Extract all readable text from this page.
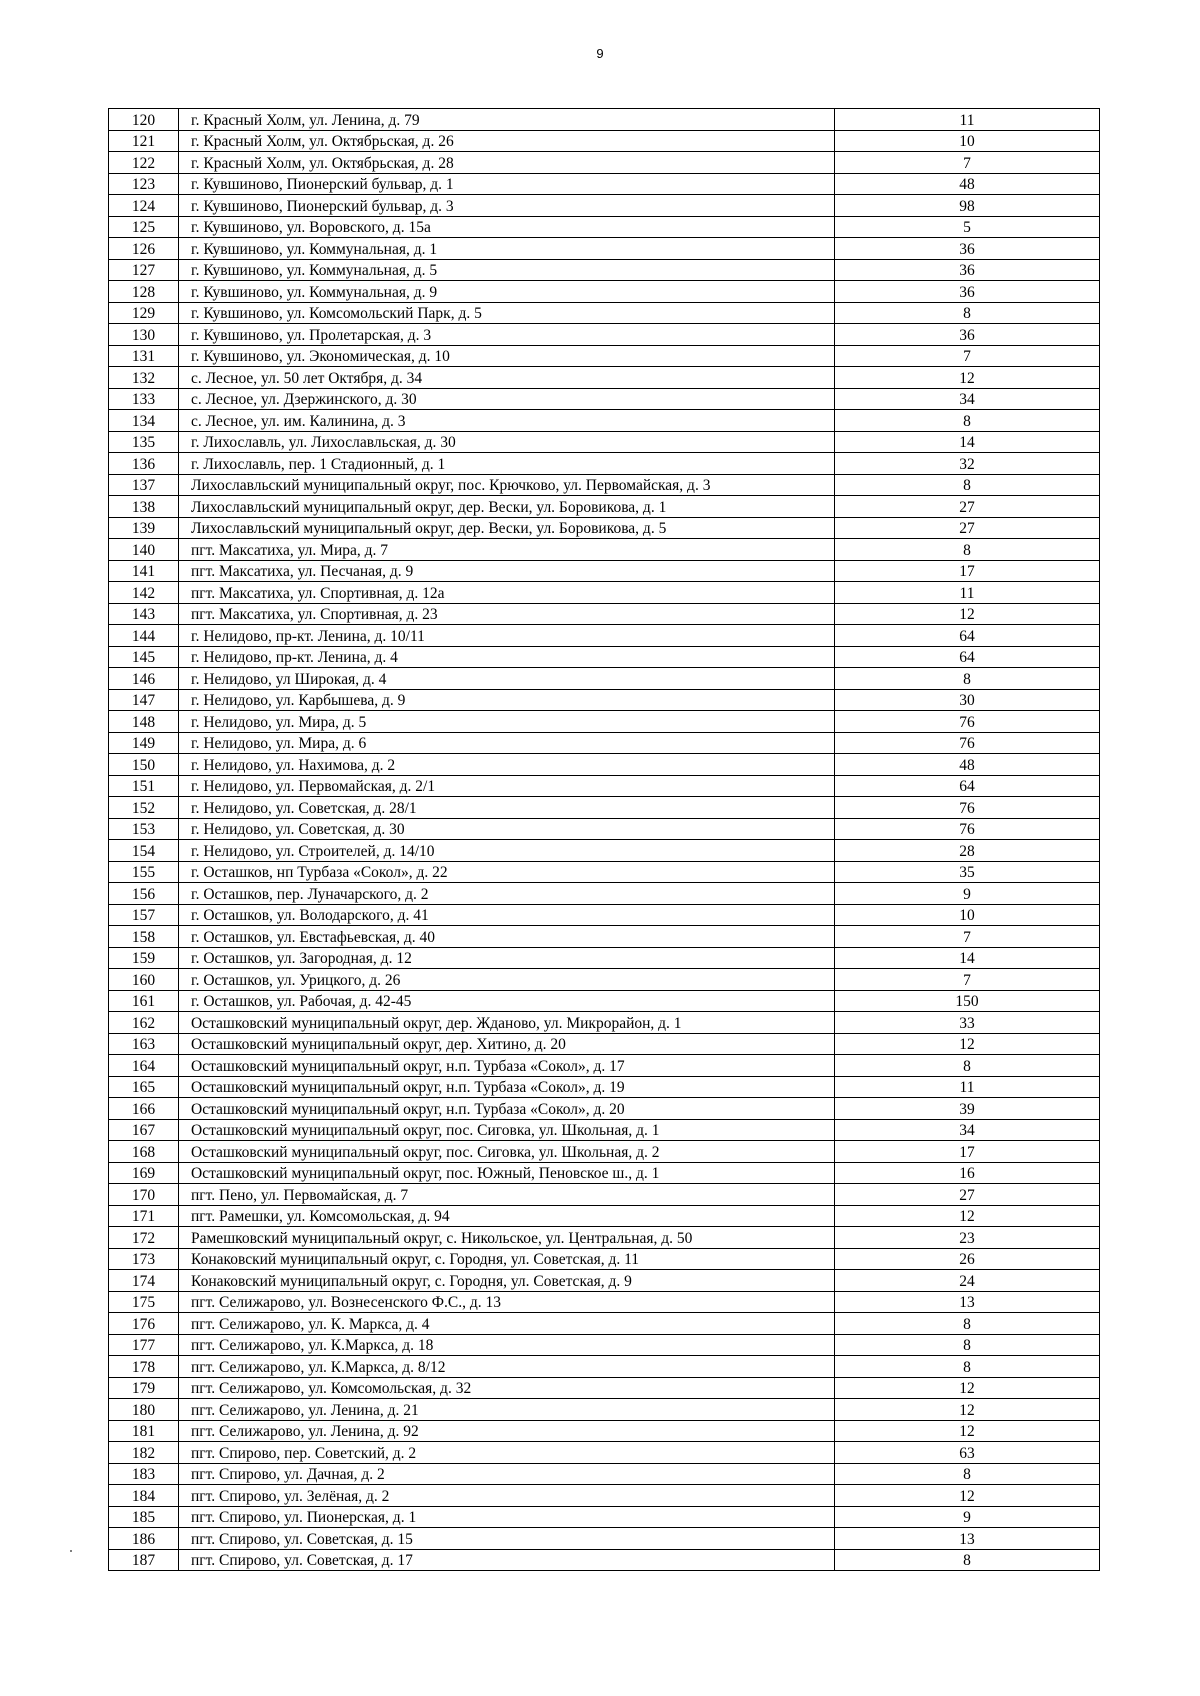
9
120	г. Красный Холм, ул. Ленина, д. 79	11
121	г. Красный Холм, ул. Октябрьская, д. 26	10
122	г. Красный Холм, ул. Октябрьская, д. 28	7
123	г. Кувшиново, Пионерский бульвар, д. 1	48
124	г. Кувшиново, Пионерский бульвар, д. 3	98
125	г. Кувшиново, ул. Воровского, д. 15а	5
126	г. Кувшиново, ул. Коммунальная, д. 1	36
127	г. Кувшиново, ул. Коммунальная, д. 5	36
128	г. Кувшиново, ул. Коммунальная, д. 9	36
129	г. Кувшиново, ул. Комсомольский Парк, д. 5	8
130	г. Кувшиново, ул. Пролетарская, д. 3	36
131	г. Кувшиново, ул. Экономическая, д. 10	7
132	с. Лесное, ул. 50 лет Октября, д. 34	12
133	с. Лесное, ул. Дзержинского, д. 30	34
134	с. Лесное, ул. им. Калинина, д. 3	8
135	г. Лихославль, ул. Лихославльская, д. 30	14
136	г. Лихославль, пер. 1 Стадионный, д. 1	32
137	Лихославльский муниципальный округ, пос. Крючково, ул. Первомайская, д. 3	8
138	Лихославльский муниципальный округ, дер. Вески, ул. Боровикова, д. 1	27
139	Лихославльский муниципальный округ, дер. Вески, ул. Боровикова, д. 5	27
140	пгт. Максатиха, ул. Мира, д. 7	8
141	пгт. Максатиха, ул. Песчаная, д. 9	17
142	пгт. Максатиха, ул. Спортивная, д. 12а	11
143	пгт. Максатиха, ул. Спортивная, д. 23	12
144	г. Нелидово, пр-кт. Ленина, д. 10/11	64
145	г. Нелидово, пр-кт. Ленина, д. 4	64
146	г. Нелидово, ул Широкая, д. 4	8
147	г. Нелидово, ул. Карбышева, д. 9	30
148	г. Нелидово, ул. Мира, д. 5	76
149	г. Нелидово, ул. Мира, д. 6	76
150	г. Нелидово, ул. Нахимова, д. 2	48
151	г. Нелидово, ул. Первомайская, д. 2/1	64
152	г. Нелидово, ул. Советская, д. 28/1	76
153	г. Нелидово, ул. Советская, д. 30	76
154	г. Нелидово, ул. Строителей, д. 14/10	28
155	г. Осташков, нп Турбаза «Сокол», д. 22	35
156	г. Осташков, пер. Луначарского, д. 2	9
157	г. Осташков, ул. Володарского, д. 41	10
158	г. Осташков, ул. Евстафьевская, д. 40	7
159	г. Осташков, ул. Загородная, д. 12	14
160	г. Осташков, ул. Урицкого, д. 26	7
161	г. Осташков, ул. Рабочая, д. 42-45	150
162	Осташковский муниципальный округ, дер. Жданово, ул. Микрорайон, д. 1	33
163	Осташковский муниципальный округ, дер. Хитино, д. 20	12
164	Осташковский муниципальный округ, н.п. Турбаза «Сокол», д. 17	8
165	Осташковский муниципальный округ, н.п. Турбаза «Сокол», д. 19	11
166	Осташковский муниципальный округ, н.п. Турбаза «Сокол», д. 20	39
167	Осташковский муниципальный округ, пос. Сиговка, ул. Школьная, д. 1	34
168	Осташковский муниципальный округ, пос. Сиговка, ул. Школьная, д. 2	17
169	Осташковский муниципальный округ, пос. Южный, Пеновское ш., д. 1	16
170	пгт. Пено, ул. Первомайская, д. 7	27
171	пгт. Рамешки, ул. Комсомольская, д. 94	12
172	Рамешковский муниципальный округ, с. Никольское, ул. Центральная, д. 50	23
173	Конаковский муниципальный округ, с. Городня, ул. Советская, д. 11	26
174	Конаковский муниципальный округ, с. Городня, ул. Советская, д. 9	24
175	пгт. Селижарово, ул. Вознесенского Ф.С., д. 13	13
176	пгт. Селижарово, ул. К. Маркса, д. 4	8
177	пгт. Селижарово, ул. К.Маркса, д. 18	8
178	пгт. Селижарово, ул. К.Маркса, д. 8/12	8
179	пгт. Селижарово, ул. Комсомольская, д. 32	12
180	пгт. Селижарово, ул. Ленина, д. 21	12
181	пгт. Селижарово, ул. Ленина, д. 92	12
182	пгт. Спирово, пер. Советский, д. 2	63
183	пгт. Спирово, ул. Дачная, д. 2	8
184	пгт. Спирово, ул. Зелёная, д. 2	12
185	пгт. Спирово, ул. Пионерская, д. 1	9
186	пгт. Спирово, ул. Советская, д. 15	13
187	пгт. Спирово, ул. Советская, д. 17	8
